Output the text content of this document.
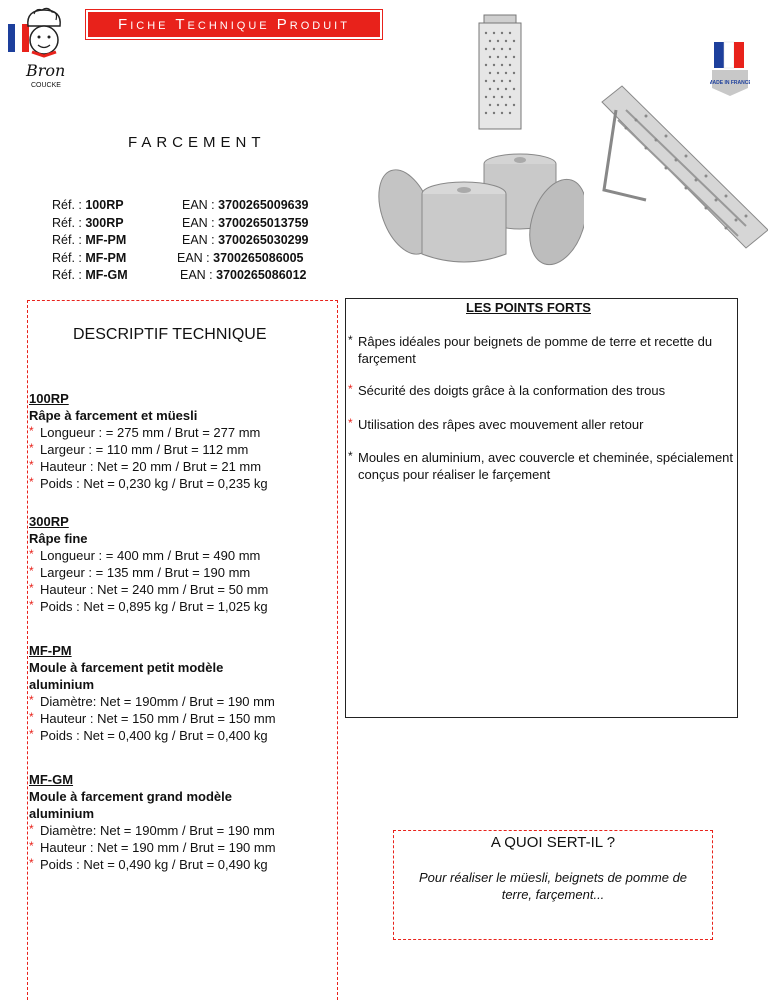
Bron
COUCKE
Fiche Technique Produit
MADE IN FRANCE
FARCEMENT
Réf. : 100RP	EAN : 3700265009639
Réf. : 300RP	EAN : 3700265013759
Réf. : MF-PM	EAN : 3700265030299
Réf. : MF-PM	EAN : 3700265086005
Réf. : MF-GM	EAN : 3700265086012
DESCRIPTIF TECHNIQUE
100RP
Râpe à farcement et müesli
* Longueur : = 275 mm / Brut = 277 mm
* Largeur : = 110 mm / Brut = 112 mm
* Hauteur : Net = 20 mm / Brut = 21 mm
* Poids : Net = 0,230 kg / Brut = 0,235 kg
300RP
Râpe fine
* Longueur : = 400 mm / Brut = 490 mm
* Largeur : = 135 mm / Brut = 190 mm
* Hauteur : Net = 240 mm / Brut = 50 mm
* Poids : Net = 0,895 kg / Brut = 1,025 kg
MF-PM
Moule à farcement petit modèle aluminium
* Diamètre: Net = 190mm / Brut = 190 mm
* Hauteur : Net = 150 mm / Brut = 150 mm
* Poids : Net = 0,400 kg / Brut = 0,400 kg
MF-GM
Moule à farcement grand modèle aluminium
* Diamètre: Net = 190mm / Brut = 190 mm
* Hauteur : Net = 190 mm / Brut = 190 mm
* Poids : Net = 0,490 kg / Brut = 0,490 kg
LES POINTS FORTS
* Râpes idéales pour beignets de pomme de terre et recette du farçement
* Sécurité des doigts grâce à la conformation des trous
* Utilisation des râpes avec mouvement aller retour
* Moules en aluminium, avec couvercle et cheminée, spécialement conçus pour réaliser le farçement
A QUOI SERT-IL ?
Pour réaliser le müesli, beignets de pomme de terre, farçement...
